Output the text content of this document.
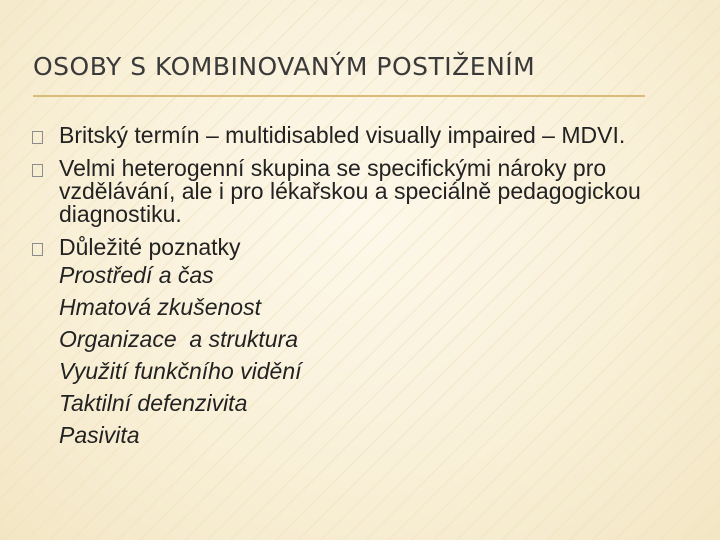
OSOBY S KOMBINOVANÝM POSTIŽENÍM
Britský termín – multidisabled visually impaired – MDVI.
Velmi heterogenní skupina se specifickými nároky pro vzdělávání, ale i pro lékařskou a speciálně pedagogickou diagnostiku.
Důležité poznatky
Prostředí a čas
Hmatová zkušenost
Organizace  a struktura
Využití funkčního vidění
Taktilní defenzivita
Pasivita
